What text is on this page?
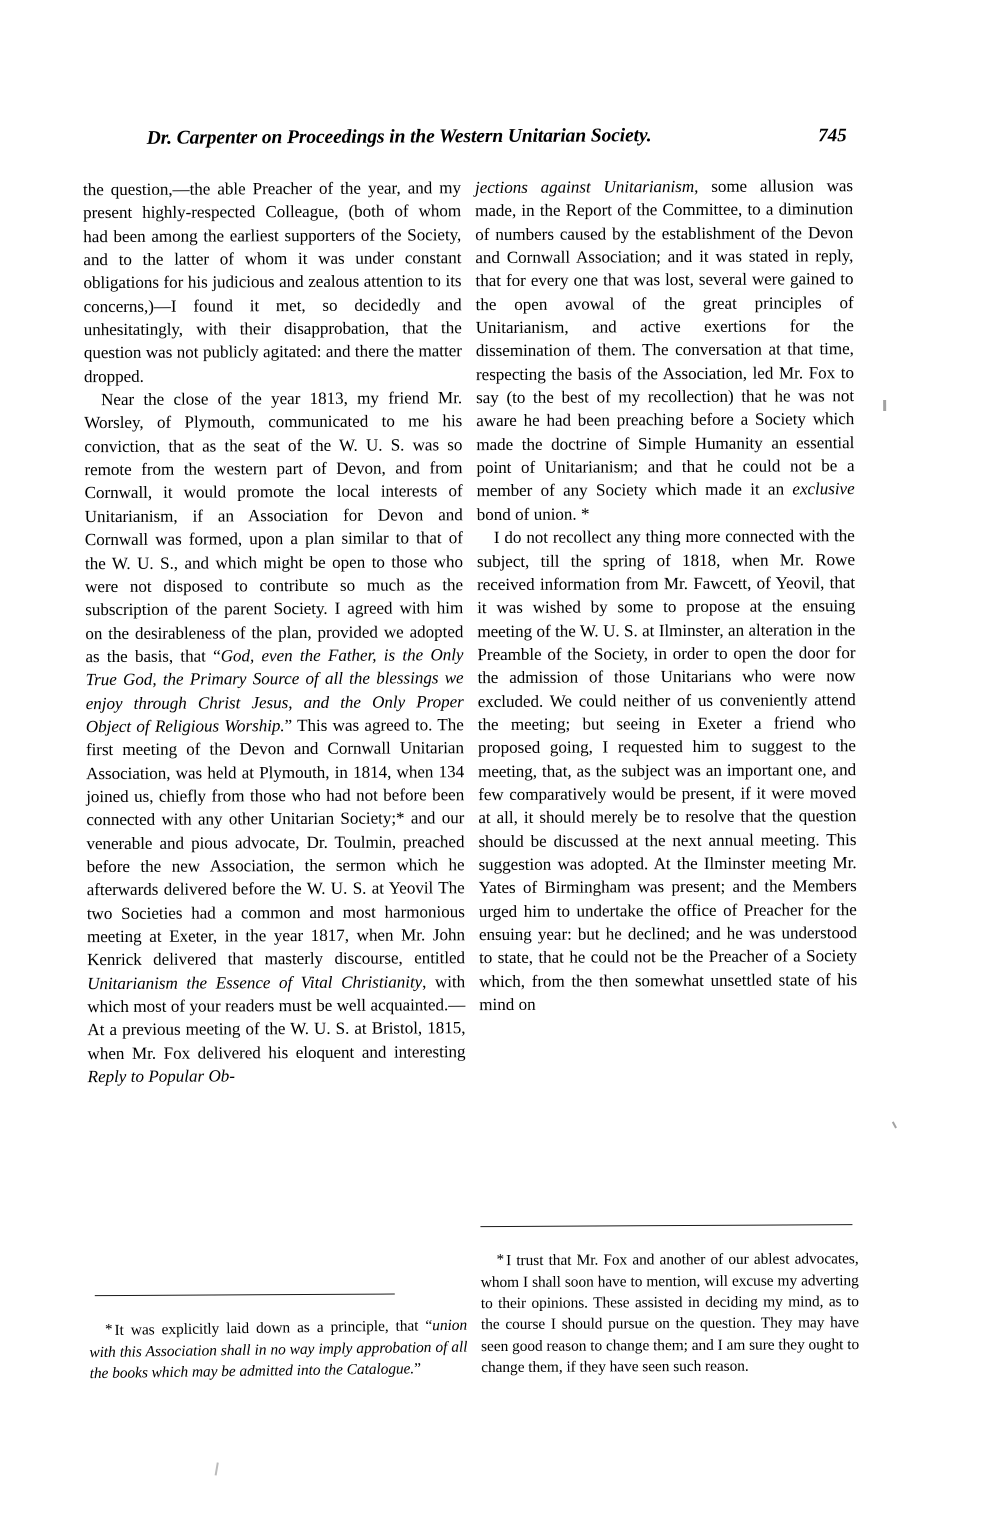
Dr. Carpenter on Proceedings in the Western Unitarian Society.	745

the question,—the able Preacher of the year, and my present highly-respected Colleague, (both of whom had been among the earliest supporters of the Society, and to the latter of whom it was under constant obligations for his judicious and zealous attention to its concerns,)—I found it met, so decidedly and unhesitatingly, with their disapprobation, that the question was not publicly agitated: and there the matter dropped.

Near the close of the year 1813, my friend Mr. Worsley, of Plymouth, communicated to me his conviction, that as the seat of the W. U. S. was so remote from the western part of Devon, and from Cornwall, it would promote the local interests of Unitarianism, if an Association for Devon and Cornwall was formed, upon a plan similar to that of the W. U. S., and which might be open to those who were not disposed to contribute so much as the subscription of the parent Society. I agreed with him on the desirableness of the plan, provided we adopted as the basis, that “God, even the Father, is the Only True God, the Primary Source of all the blessings we enjoy through Christ Jesus, and the Only Proper Object of Religious Worship.” This was agreed to. The first meeting of the Devon and Cornwall Unitarian Association, was held at Plymouth, in 1814, when 134 joined us, chiefly from those who had not before been connected with any other Unitarian Society;* and our venerable and pious advocate, Dr. Toulmin, preached before the new Association, the sermon which he afterwards delivered before the W. U. S. at Yeovil The two Societies had a common and most harmonious meeting at Exeter, in the year 1817, when Mr. John Kenrick delivered that masterly discourse, entitled Unitarianism the Essence of Vital Christianity, with which most of your readers must be well acquainted.—At a previous meeting of the W. U. S. at Bristol, 1815, when Mr. Fox delivered his eloquent and interesting Reply to Popular Ob-

jections against Unitarianism, some allusion was made, in the Report of the Committee, to a diminution of numbers caused by the establishment of the Devon and Cornwall Association; and it was stated in reply, that for every one that was lost, several were gained to the open avowal of the great principles of Unitarianism, and active exertions for the dissemination of them. The conversation at that time, respecting the basis of the Association, led Mr. Fox to say (to the best of my recollection) that he was not aware he had been preaching before a Society which made the doctrine of Simple Humanity an essential point of Unitarianism; and that he could not be a member of any Society which made it an exclusive bond of union. *

I do not recollect any thing more connected with the subject, till the spring of 1818, when Mr. Rowe received information from Mr. Fawcett, of Yeovil, that it was wished by some to propose at the ensuing meeting of the W. U. S. at Ilminster, an alteration in the Preamble of the Society, in order to open the door for the admission of those Unitarians who were now excluded. We could neither of us conveniently attend the meeting; but seeing in Exeter a friend who proposed going, I requested him to suggest to the meeting, that, as the subject was an important one, and few comparatively would be present, if it were moved at all, it should merely be to resolve that the question should be discussed at the next annual meeting. This suggestion was adopted. At the Ilminster meeting Mr. Yates of Birmingham was present; and the Members urged him to undertake the office of Preacher for the ensuing year: but he declined; and he was understood to state, that he could not be the Preacher of a Society which, from the then somewhat unsettled state of his mind on

* It was explicitly laid down as a principle, that “union with this Association shall in no way imply approbation of all the books which may be admitted into the Catalogue.”

* I trust that Mr. Fox and another of our ablest advocates, whom I shall soon have to mention, will excuse my adverting to their opinions. These assisted in deciding my mind, as to the course I should pursue on the question. They may have seen good reason to change them; and I am sure they ought to change them, if they have seen such reason.
